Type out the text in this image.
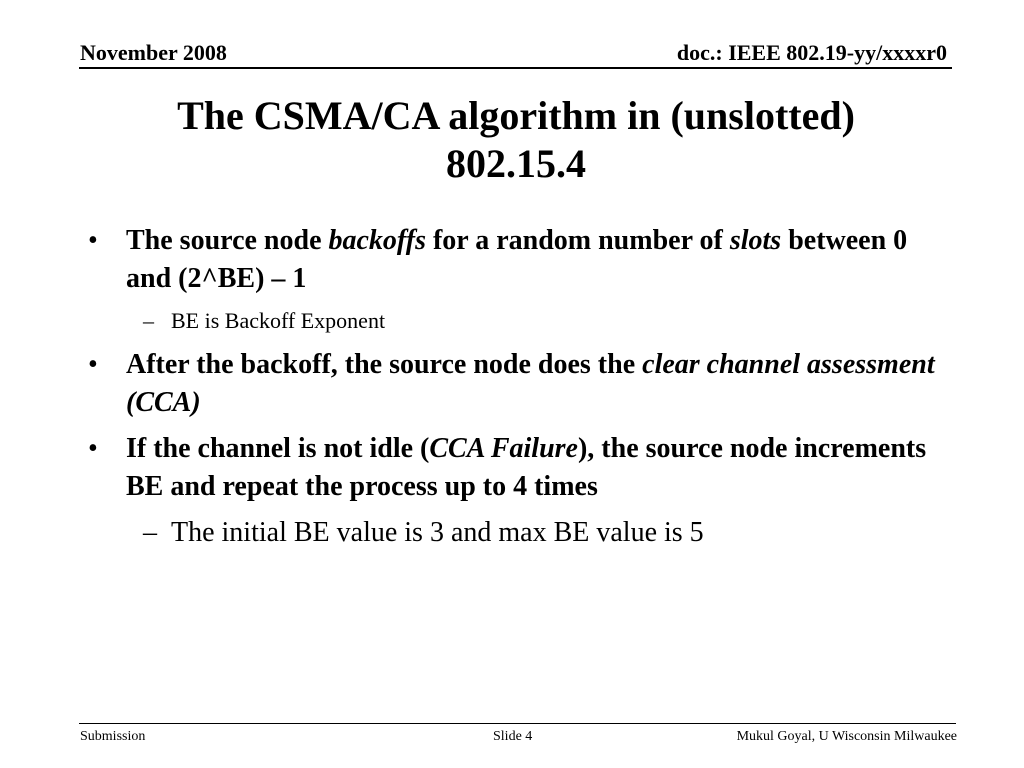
November 2008	doc.: IEEE 802.19-yy/xxxxr0
The CSMA/CA algorithm in (unslotted)
802.15.4
• The source node backoffs for a random number of slots between 0 and (2^BE) – 1
– BE is Backoff Exponent
• After the backoff, the source node does the clear channel assessment (CCA)
• If the channel is not idle (CCA Failure), the source node increments BE and repeat the process up to 4 times
– The initial BE value is 3 and max BE value is 5
Submission	Slide 4	Mukul Goyal, U Wisconsin Milwaukee
